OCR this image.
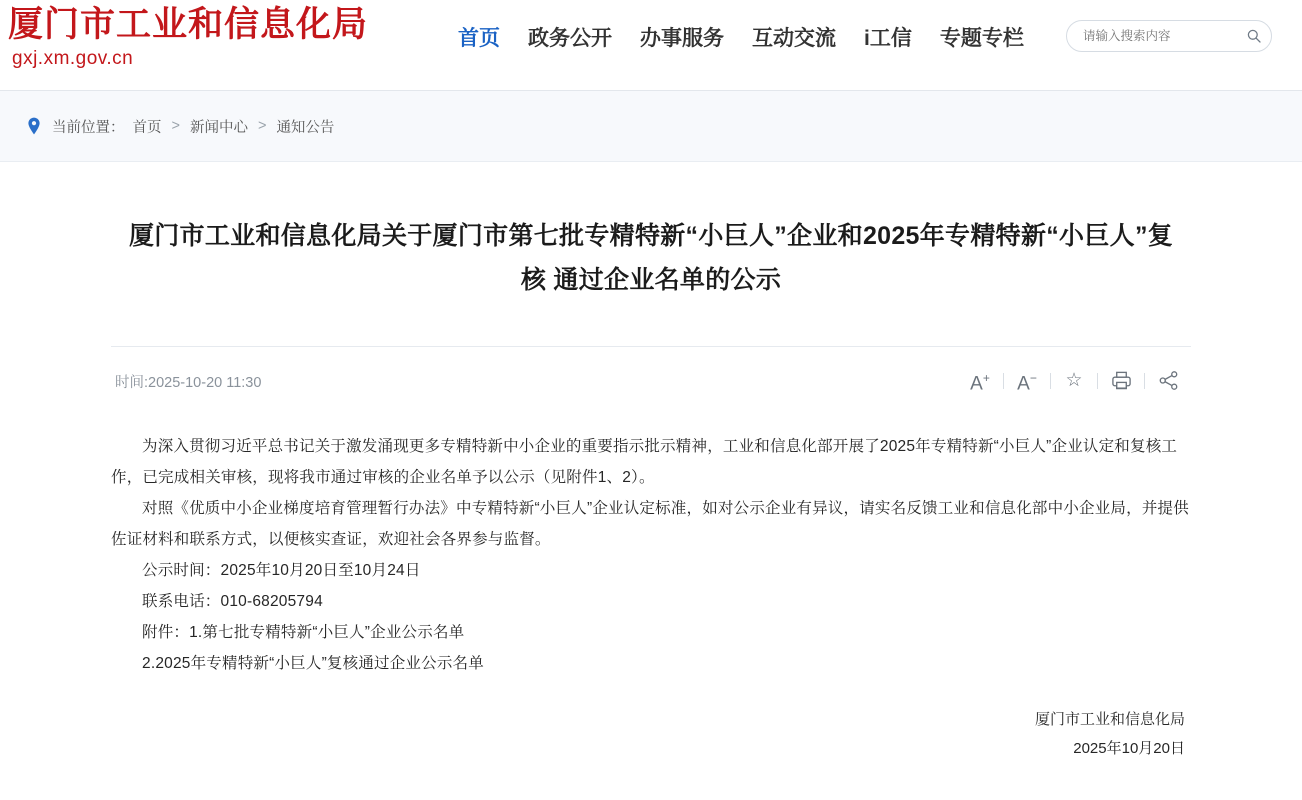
厦门市工业和信息化局
gxj.xm.gov.cn
首页 政务公开 办事服务 互动交流 i工信 专题专栏
请输入搜索内容
当前位置： 首页 > 新闻中心 > 通知公告
厦门市工业和信息化局关于厦门市第七批专精特新“小巨人”企业和2025年专精特新“小巨人”复核 通过企业名单的公示
时间:2025-10-20 11:30	A+	A−	☆

为深入贯彻习近平总书记关于激发涌现更多专精特新中小企业的重要指示批示精神，工业和信息化部开展了2025年专精特新“小巨人”企业认定和复核工作，已完成相关审核，现将我市通过审核的企业名单予以公示（见附件1、2）。

对照《优质中小企业梯度培育管理暂行办法》中专精特新“小巨人”企业认定标准，如对公示企业有异议，请实名反馈工业和信息化部中小企业局，并提供佐证材料和联系方式，以便核实查证，欢迎社会各界参与监督。

公示时间：2025年10月20日至10月24日

联系电话：010-68205794

附件：1.第七批专精特新“小巨人”企业公示名单

2.2025年专精特新“小巨人”复核通过企业公示名单

厦门市工业和信息化局
2025年10月20日
